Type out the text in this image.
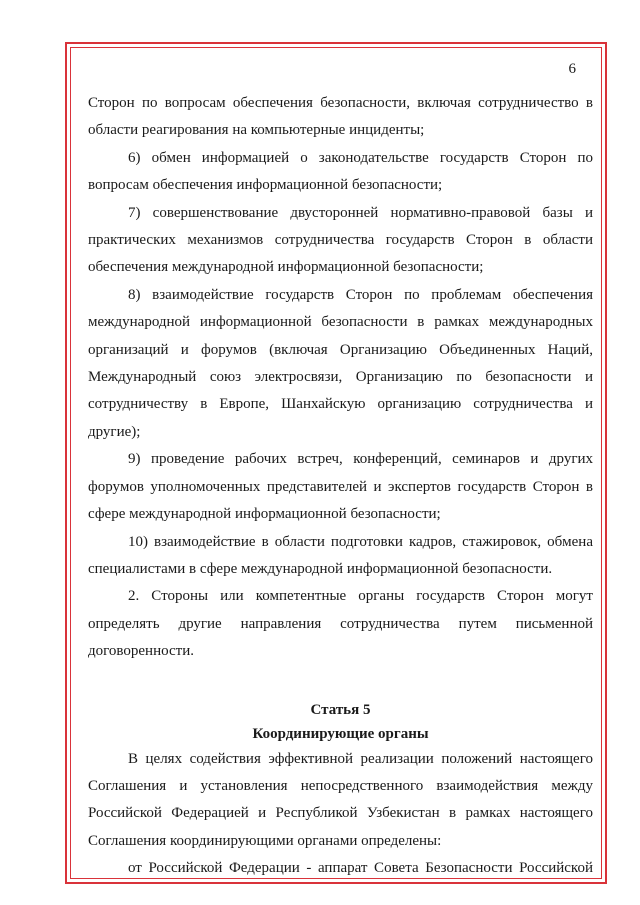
6

Сторон по вопросам обеспечения безопасности, включая сотрудничество в области реагирования на компьютерные инциденты;

6) обмен информацией о законодательстве государств Сторон по вопросам обеспечения информационной безопасности;

7) совершенствование двусторонней нормативно-правовой базы и практических механизмов сотрудничества государств Сторон в области обеспечения международной информационной безопасности;

8) взаимодействие государств Сторон по проблемам обеспечения международной информационной безопасности в рамках международных организаций и форумов (включая Организацию Объединенных Наций, Международный союз электросвязи, Организацию по безопасности и сотрудничеству в Европе, Шанхайскую организацию сотрудничества и другие);

9) проведение рабочих встреч, конференций, семинаров и других форумов уполномоченных представителей и экспертов государств Сторон в сфере международной информационной безопасности;

10) взаимодействие в области подготовки кадров, стажировок, обмена специалистами в сфере международной информационной безопасности.

2. Стороны или компетентные органы государств Сторон могут определять другие направления сотрудничества путем письменной договоренности.

Статья 5
Координирующие органы

В целях содействия эффективной реализации положений настоящего Соглашения и установления непосредственного взаимодействия между Российской Федерацией и Республикой Узбекистан в рамках настоящего Соглашения координирующими органами определены:

от Российской Федерации - аппарат Совета Безопасности Российской
